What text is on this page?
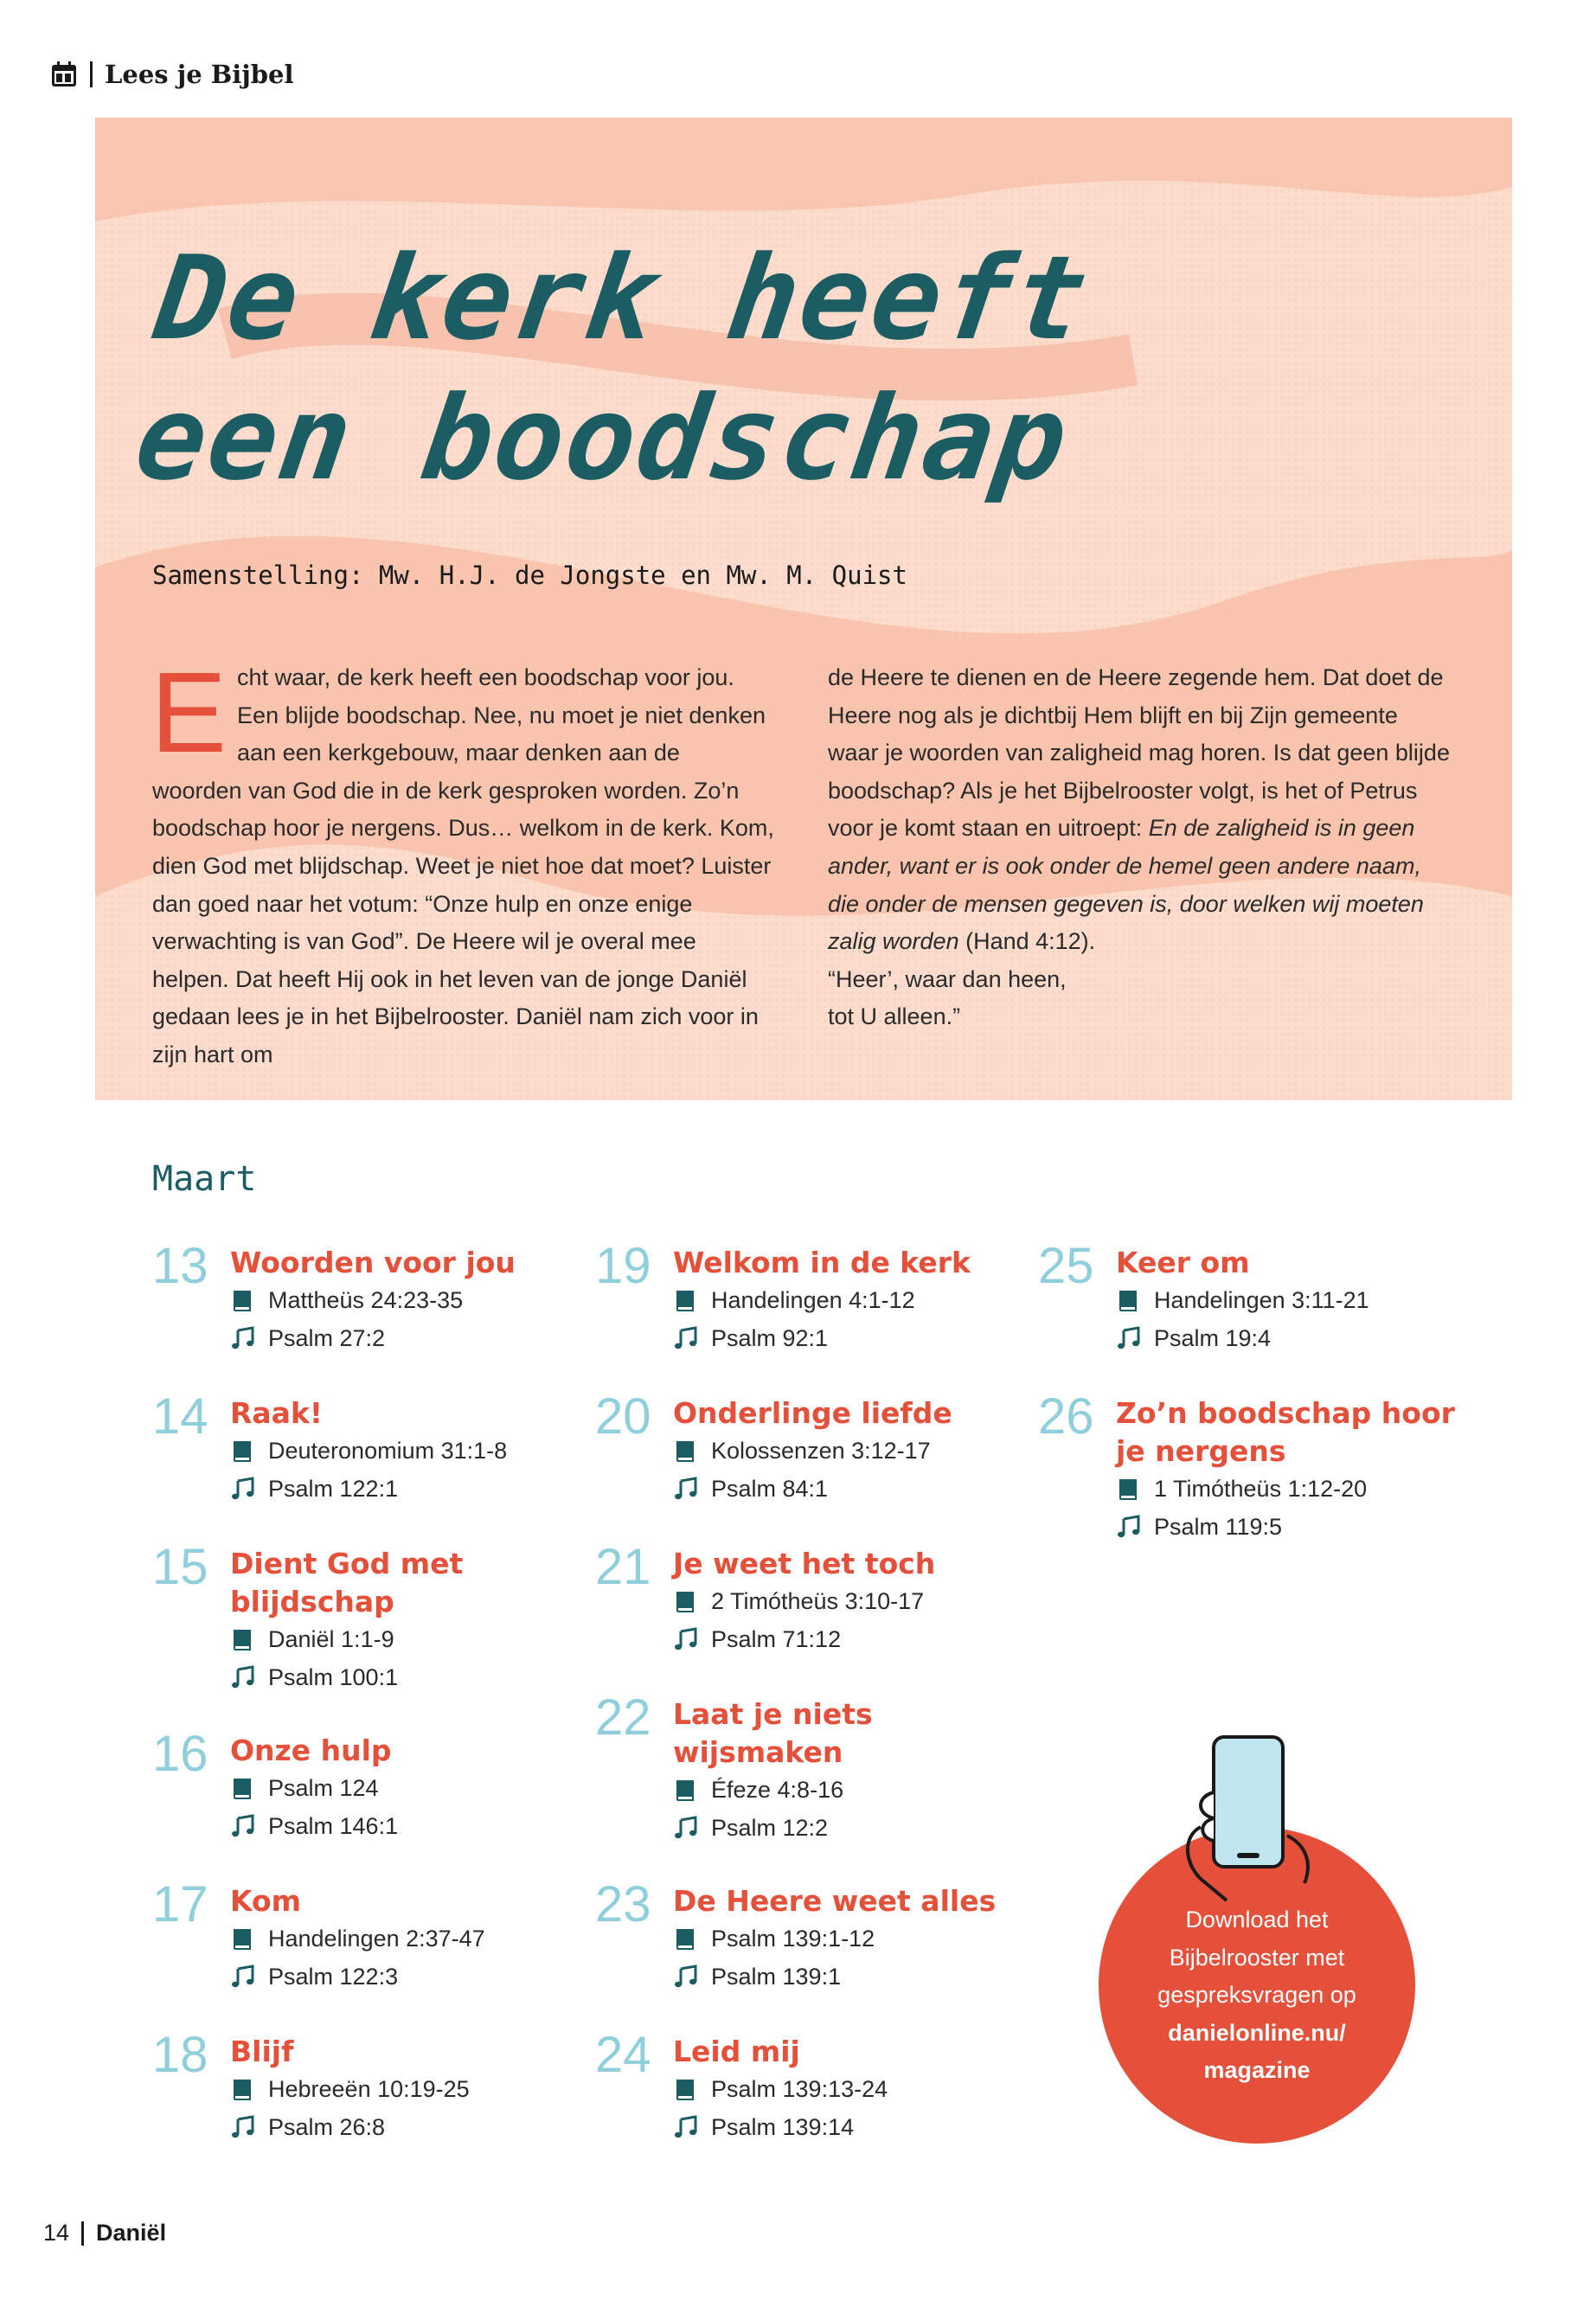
Lees je Bijbel
De kerk heeft
een boodschap
Samenstelling: Mw. H.J. de Jongste en Mw. M. Quist
E cht waar, de kerk heeft een boodschap voor jou. Een blijde boodschap. Nee, nu moet je niet denken aan een kerkgebouw, maar denken aan de woorden van God die in de kerk gesproken worden. Zo’n boodschap hoor je nergens. Dus… welkom in de kerk. Kom, dien God met blijdschap. Weet je niet hoe dat moet? Luister dan goed naar het votum: “Onze hulp en onze enige verwachting is van God”. De Heere wil je overal mee helpen. Dat heeft Hij ook in het leven van de jonge Daniël gedaan lees je in het Bijbelrooster. Daniël nam zich voor in zijn hart om

de Heere te dienen en de Heere zegende hem. Dat doet de Heere nog als je dichtbij Hem blijft en bij Zijn gemeente waar je woorden van zaligheid mag horen. Is dat geen blijde boodschap? Als je het Bijbelrooster volgt, is het of Petrus voor je komt staan en uitroept: En de zaligheid is in geen ander, want er is ook onder de hemel geen andere naam, die onder de mensen gegeven is, door welken wij moeten zalig worden (Hand 4:12).

“Heer’, waar dan heen,

tot U alleen.”

Maart
13 Woorden voor jou
Mattheüs 24:23-35
Psalm 27:2
14 Raak!
Deuteronomium 31:1-8
Psalm 122:1
15 Dient God met blijdschap
Daniël 1:1-9
Psalm 100:1
16 Onze hulp
Psalm 124
Psalm 146:1
17 Kom
Handelingen 2:37-47
Psalm 122:3
18 Blijf
Hebreeën 10:19-25
Psalm 26:8
19 Welkom in de kerk
Handelingen 4:1-12
Psalm 92:1
20 Onderlinge liefde
Kolossenzen 3:12-17
Psalm 84:1
21 Je weet het toch
2 Timótheüs 3:10-17
Psalm 71:12
22 Laat je niets wijsmaken
Éfeze 4:8-16
Psalm 12:2
23 De Heere weet alles
Psalm 139:1-12
Psalm 139:1
24 Leid mij
Psalm 139:13-24
Psalm 139:14
25 Keer om
Handelingen 3:11-21
Psalm 19:4
26 Zo’n boodschap hoor je nergens
1 Timótheüs 1:12-20
Psalm 119:5
Download het
Bijbelrooster met
gespreksvragen op
danielonline.nu/
magazine
14 Daniël
